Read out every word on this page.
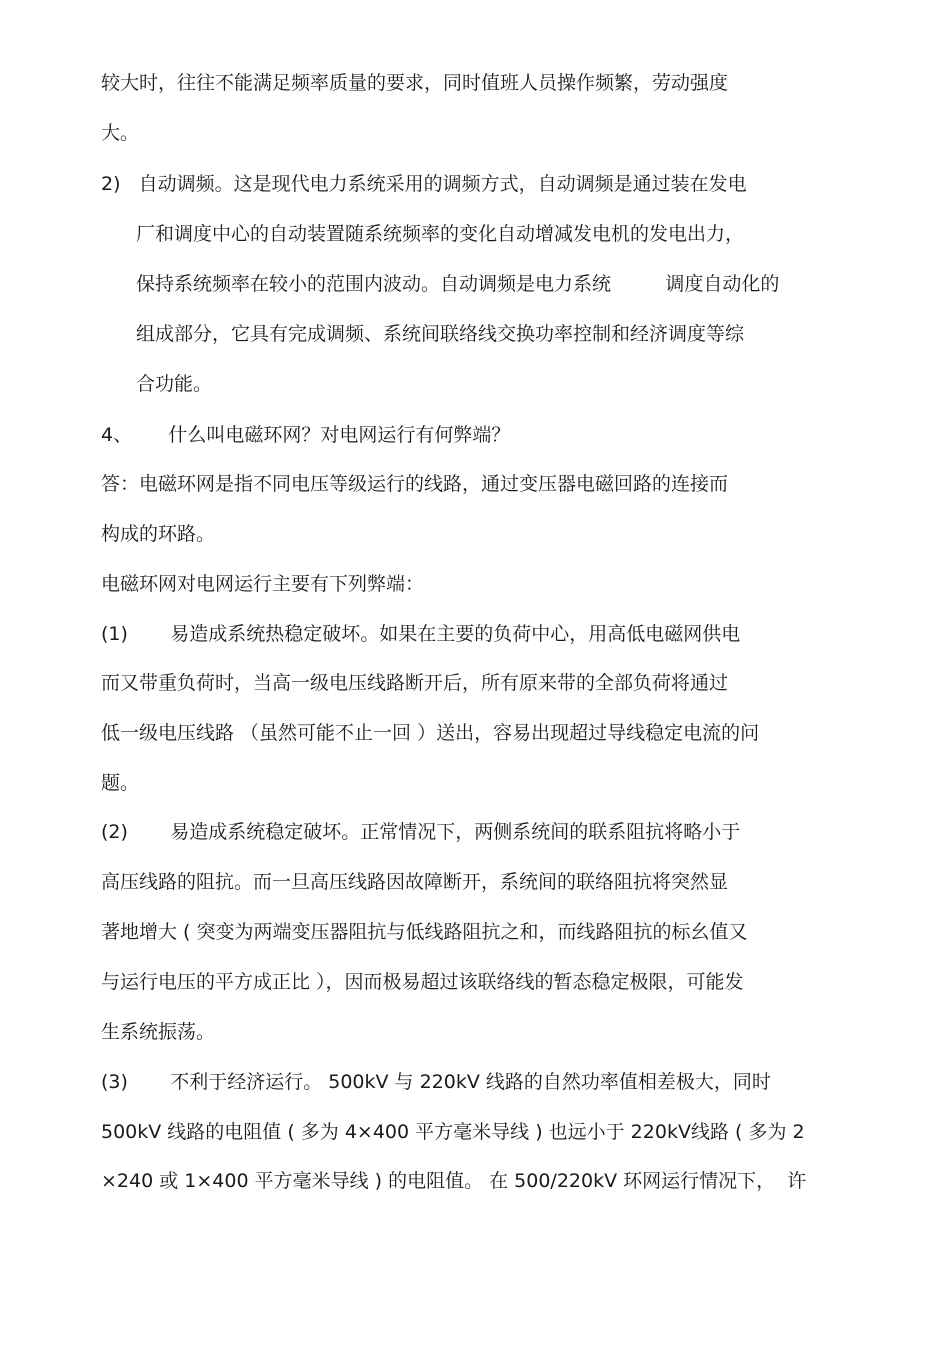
较大时，往往不能满足频率质量的要求，同时值班人员操作频繁，劳动强度
大。
2)   自动调频。这是现代电力系统采用的调频方式，自动调频是通过装在发电
厂和调度中心的自动装置随系统频率的变化自动增减发电机的发电出力，
保持系统频率在较小的范围内波动。自动调频是电力系统         调度自动化的
组成部分，它具有完成调频、系统间联络线交换功率控制和经济调度等综
合功能。
4、      什么叫电磁环网？对电网运行有何弊端？
答：电磁环网是指不同电压等级运行的线路，通过变压器电磁回路的连接而
构成的环路。
电磁环网对电网运行主要有下列弊端：
(1)       易造成系统热稳定破坏。如果在主要的负荷中心，用高低电磁网供电
而又带重负荷时，当高一级电压线路断开后，所有原来带的全部负荷将通过
低一级电压线路 （虽然可能不止一回 ）送出，容易出现超过导线稳定电流的问
题。
(2)       易造成系统稳定破坏。正常情况下，两侧系统间的联系阻抗将略小于
高压线路的阻抗。而一旦高压线路因故障断开，系统间的联络阻抗将突然显
著地增大 ( 突变为两端变压器阻抗与低线路阻抗之和，而线路阻抗的标幺值又
与运行电压的平方成正比 ），因而极易超过该联络线的暂态稳定极限，可能发
生系统振荡。
(3)       不利于经济运行。 500kV 与 220kV 线路的自然功率值相差极大，同时
500kV 线路的电阻值 ( 多为 4×400 平方毫米导线 ) 也远小于 220kV线路 ( 多为 2
×240 或 1×400 平方毫米导线 ) 的电阻值。 在 500/220kV 环网运行情况下，  许
